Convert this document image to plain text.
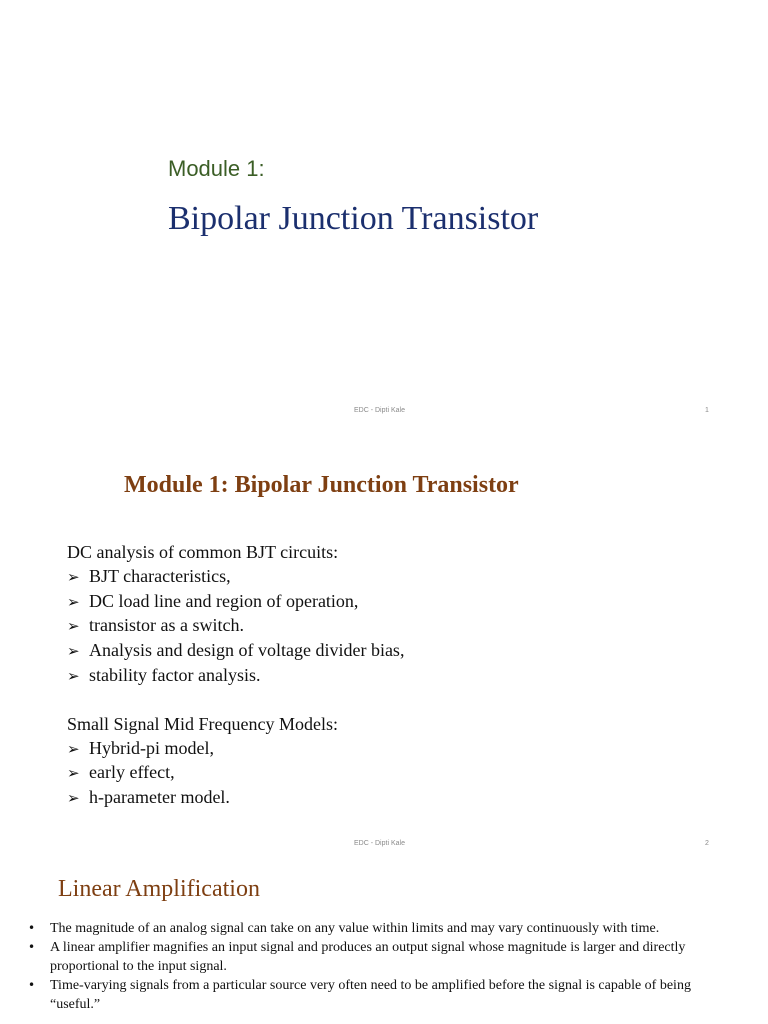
Module 1:
Bipolar Junction Transistor
EDC - Dipti Kale	1
Module 1: Bipolar Junction Transistor
DC analysis of common BJT circuits:
➢ BJT characteristics,
➢ DC load line and region of operation,
➢ transistor as a switch.
➢ Analysis and design of voltage divider bias,
➢ stability factor analysis.
Small Signal Mid Frequency Models:
➢ Hybrid-pi model,
➢ early effect,
➢ h-parameter model.
EDC - Dipti Kale	2
Linear Amplification
• The magnitude of an analog signal can take on any value within limits and may vary continuously with time.
• A linear amplifier magnifies an input signal and produces an output signal whose magnitude is larger and directly proportional to the input signal.
• Time-varying signals from a particular source very often need to be amplified before the signal is capable of being “useful.”
